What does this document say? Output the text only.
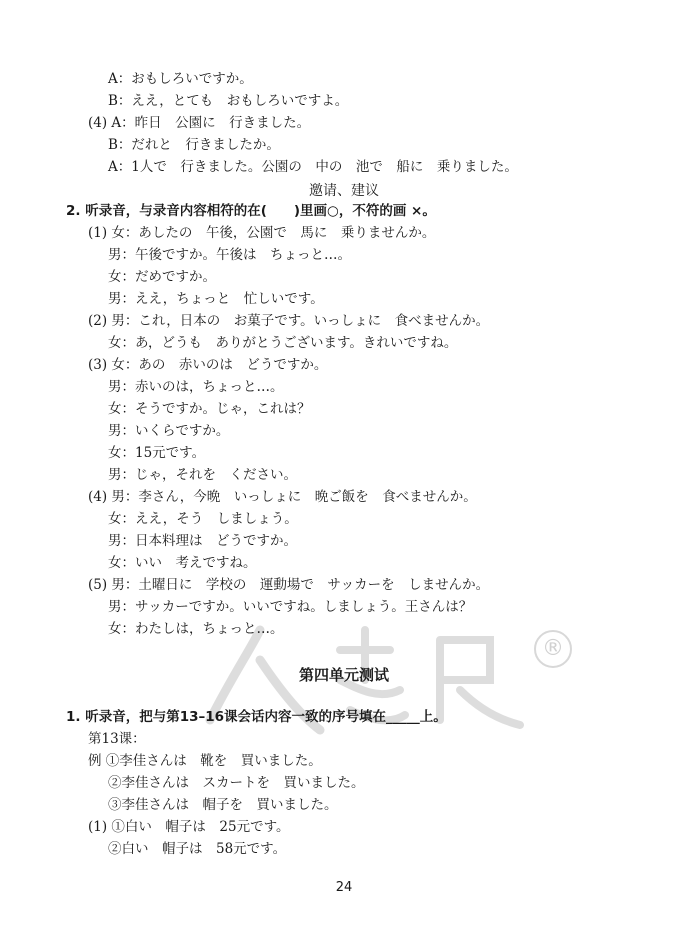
®
A：おもしろいですか。
B：ええ，とても　おもしろいですよ。
(4) A：昨日　公園に　行きました。
B：だれと　行きましたか。
A：1人で　行きました。公園の　中の　池で　船に　乗りました。
邀请、建议
2. 听录音，与录音内容相符的在(　　)里画○，不符的画 ×。
(1) 女：あしたの　午後，公園で　馬に　乗りませんか。
男：午後ですか。午後は　ちょっと…。
女：だめですか。
男：ええ，ちょっと　忙しいです。
(2) 男：これ，日本の　お菓子です。いっしょに　食べませんか。
女：あ，どうも　ありがとうございます。きれいですね。
(3) 女：あの　赤いのは　どうですか。
男：赤いのは，ちょっと…。
女：そうですか。じゃ，これは？
男：いくらですか。
女：15元です。
男：じゃ，それを　ください。
(4) 男：李さん，今晩　いっしょに　晩ご飯を　食べませんか。
女：ええ，そう　しましょう。
男：日本料理は　どうですか。
女：いい　考えですね。
(5) 男：土曜日に　学校の　運動場で　サッカーを　しませんか。
男：サッカーですか。いいですね。しましょう。王さんは？
女：わたしは，ちょっと…。
第四单元测试
1. 听录音，把与第13–16课会话内容一致的序号填在_____上。
第13课：
例 ①李佳さんは　靴を　買いました。
②李佳さんは　スカートを　買いました。
③李佳さんは　帽子を　買いました。
(1) ①白い　帽子は　25元です。
②白い　帽子は　58元です。
24
